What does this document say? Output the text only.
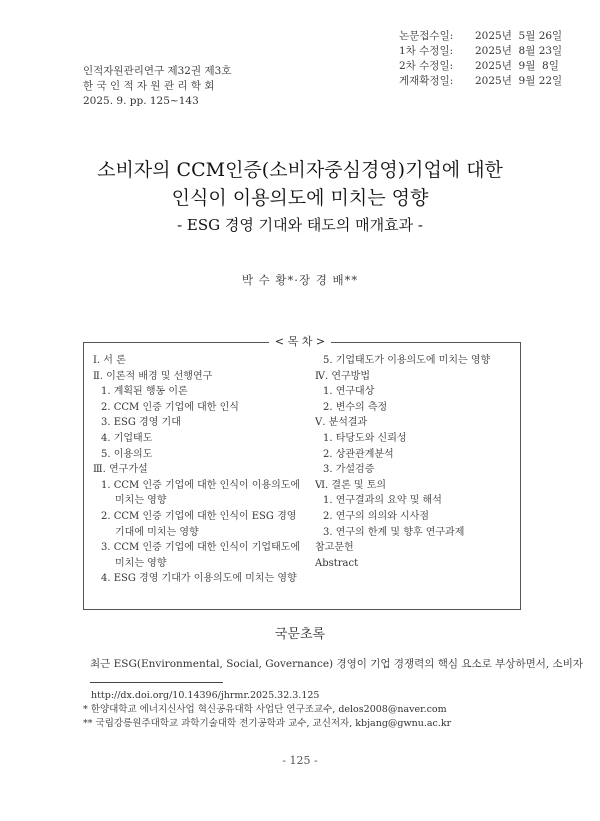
인적자원관리연구 제32권 제3호
한 국 인 적 자 원 관 리 학 회
2025. 9. pp. 125~143
논문접수일:	2025년  5월 26일
1차 수정일:	2025년  8월 23일
2차 수정일:	2025년  9월  8일
게재확정일:	2025년  9월 22일
소비자의 CCM인증(소비자중심경영)기업에 대한
인식이 이용의도에 미치는 영향
- ESG 경영 기대와 태도의 매개효과 -
박 수 황*·장 경 배**
Ⅰ. 서 론
Ⅱ. 이론적 배경 및 선행연구
1. 계획된 행동 이론
2. CCM 인증 기업에 대한 인식
3. ESG 경영 기대
4. 기업태도
5. 이용의도
Ⅲ. 연구가설
1. CCM 인증 기업에 대한 인식이 이용의도에
미치는 영향
2. CCM 인증 기업에 대한 인식이 ESG 경영
기대에 미치는 영향
3. CCM 인증 기업에 대한 인식이 기업태도에
미치는 영향
4. ESG 경영 기대가 이용의도에 미치는 영향
5. 기업태도가 이용의도에 미치는 영향
Ⅳ. 연구방법
1. 연구대상
2. 변수의 측정
Ⅴ. 분석결과
1. 타당도와 신뢰성
2. 상관관계분석
3. 가설검증
Ⅵ. 결론 및 토의
1. 연구결과의 요약 및 해석
2. 연구의 의의와 시사점
3. 연구의 한계 및 향후 연구과제
참고문헌
Abstract
< 목 차 >
국문초록
최근 ESG(Environmental, Social, Governance) 경영이 기업 경쟁력의 핵심 요소로 부상하면서, 소비자
http://dx.doi.org/10.14396/jhrmr.2025.32.3.125
* 한양대학교 에너지신사업 혁신공유대학 사업단 연구조교수, delos2008@naver.com
** 국립강릉원주대학교 과학기술대학 전기공학과 교수, 교신저자, kbjang@gwnu.ac.kr
- 125 -
